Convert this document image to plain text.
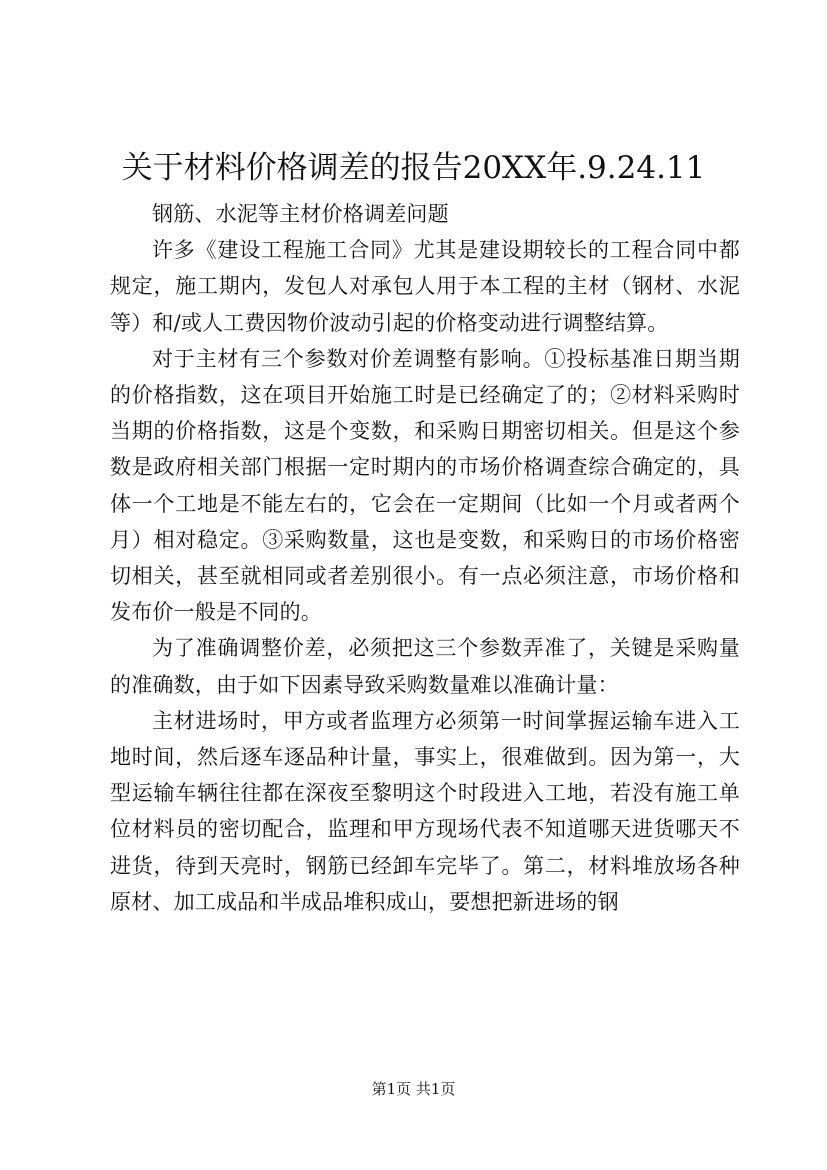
关于材料价格调差的报告20XX年.9.24.11

钢筋、水泥等主材价格调差问题

许多《建设工程施工合同》尤其是建设期较长的工程合同中都规定，施工期内，发包人对承包人用于本工程的主材（钢材、水泥等）和/或人工费因物价波动引起的价格变动进行调整结算。

对于主材有三个参数对价差调整有影响。①投标基准日期当期的价格指数，这在项目开始施工时是已经确定了的；②材料采购时当期的价格指数，这是个变数，和采购日期密切相关。但是这个参数是政府相关部门根据一定时期内的市场价格调查综合确定的，具体一个工地是不能左右的，它会在一定期间（比如一个月或者两个月）相对稳定。③采购数量，这也是变数，和采购日的市场价格密切相关，甚至就相同或者差别很小。有一点必须注意，市场价格和发布价一般是不同的。

为了准确调整价差，必须把这三个参数弄准了，关键是采购量的准确数，由于如下因素导致采购数量难以准确计量：

主材进场时，甲方或者监理方必须第一时间掌握运输车进入工地时间，然后逐车逐品种计量，事实上，很难做到。因为第一，大型运输车辆往往都在深夜至黎明这个时段进入工地，若没有施工单位材料员的密切配合，监理和甲方现场代表不知道哪天进货哪天不进货，待到天亮时，钢筋已经卸车完毕了。第二，材料堆放场各种原材、加工成品和半成品堆积成山，要想把新进场的钢

第1页 共1页
